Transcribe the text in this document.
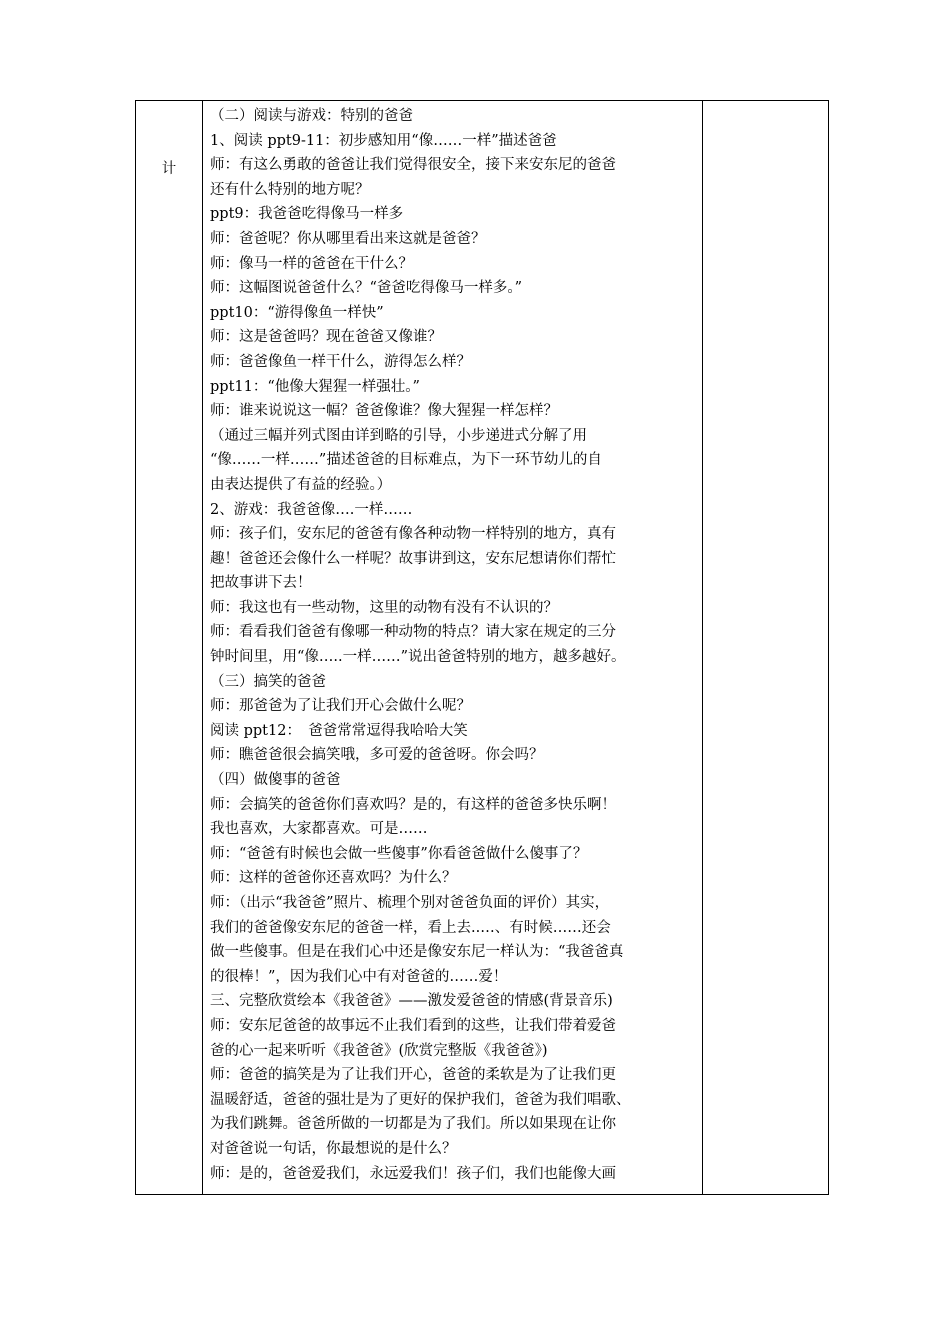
计	
（二）阅读与游戏：特别的爸爸
1、阅读 ppt9-11：初步感知用“像……一样”描述爸爸
师：有这么勇敢的爸爸让我们觉得很安全，接下来安东尼的爸爸
还有什么特别的地方呢？
ppt9：我爸爸吃得像马一样多
师：爸爸呢？你从哪里看出来这就是爸爸？
师：像马一样的爸爸在干什么？
师：这幅图说爸爸什么？“爸爸吃得像马一样多。”
ppt10：“游得像鱼一样快”
师：这是爸爸吗？现在爸爸又像谁？
师：爸爸像鱼一样干什么，游得怎么样？
ppt11：“他像大猩猩一样强壮。”
师：谁来说说这一幅？爸爸像谁？像大猩猩一样怎样？
（通过三幅并列式图由详到略的引导，小步递进式分解了用
“像……一样……”描述爸爸的目标难点，为下一环节幼儿的自
由表达提供了有益的经验。）
2、游戏：我爸爸像….一样……
师：孩子们，安东尼的爸爸有像各种动物一样特别的地方，真有
趣！爸爸还会像什么一样呢？故事讲到这，安东尼想请你们帮忙
把故事讲下去！
师：我这也有一些动物，这里的动物有没有不认识的？
师：看看我们爸爸有像哪一种动物的特点？请大家在规定的三分
钟时间里，用“像…..一样……”说出爸爸特别的地方，越多越好。
（三）搞笑的爸爸
师：那爸爸为了让我们开心会做什么呢？
阅读 ppt12：　爸爸常常逗得我哈哈大笑
师：瞧爸爸很会搞笑哦，多可爱的爸爸呀。你会吗？
（四）做傻事的爸爸
师：会搞笑的爸爸你们喜欢吗？是的，有这样的爸爸多快乐啊！
我也喜欢，大家都喜欢。可是……
师：“爸爸有时候也会做一些傻事”你看爸爸做什么傻事了？
师：这样的爸爸你还喜欢吗？为什么？
师：（出示“我爸爸”照片、梳理个别对爸爸负面的评价）其实，
我们的爸爸像安东尼的爸爸一样，看上去..…、有时候……还会
做一些傻事。但是在我们心中还是像安东尼一样认为：“我爸爸真
的很棒！”，因为我们心中有对爸爸的……爱！
三、完整欣赏绘本《我爸爸》——激发爱爸爸的情感(背景音乐)
师：安东尼爸爸的故事远不止我们看到的这些，让我们带着爱爸
爸的心一起来听听《我爸爸》(欣赏完整版《我爸爸》)
师：爸爸的搞笑是为了让我们开心，爸爸的柔软是为了让我们更
温暖舒适，爸爸的强壮是为了更好的保护我们，爸爸为我们唱歌、
为我们跳舞。爸爸所做的一切都是为了我们。所以如果现在让你
对爸爸说一句话，你最想说的是什么？
师：是的，爸爸爱我们，永远爱我们！孩子们，我们也能像大画
